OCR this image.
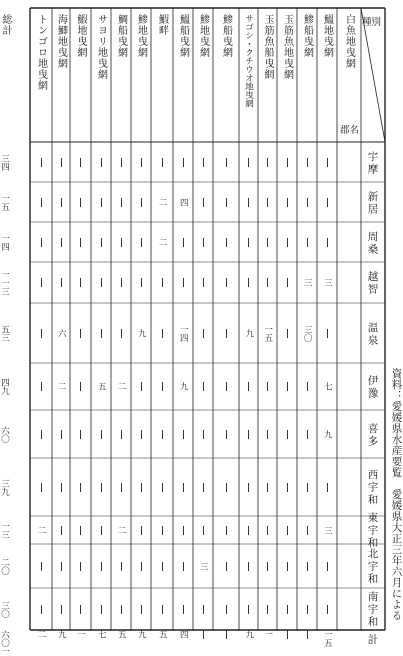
種別
郡名
白魚地曳網
鰮地曳網
鯵船曳網
玉筋魚地曳網
玉筋魚船曳網
サゴシ・クチウオ地曳網
鯵船曳網
鯵地曳網
鰮船曳網
鰕畔
鯵地曳網
鯛船曳網
サヨリ地曳網
鰕地曳網
海鯽地曳網
トンゴロ地曳網
総計
宇摩
三四
新居
四
二
一五
周桑
二
一四
越智
三
三
一一三
温泉
三〇
一五
九
一四
九
六
五三
伊豫
七
九
二
五
二
四九
喜多
九
六〇
西宇和
三九
東宇和
三
二
二
一三
北宇和
三
二〇
南宇和
三〇
計
一五
一
九
四
五
九
五
七
一
九
二
六〇一
資料：愛媛県水産要覧　愛媛県大正三年六月による
